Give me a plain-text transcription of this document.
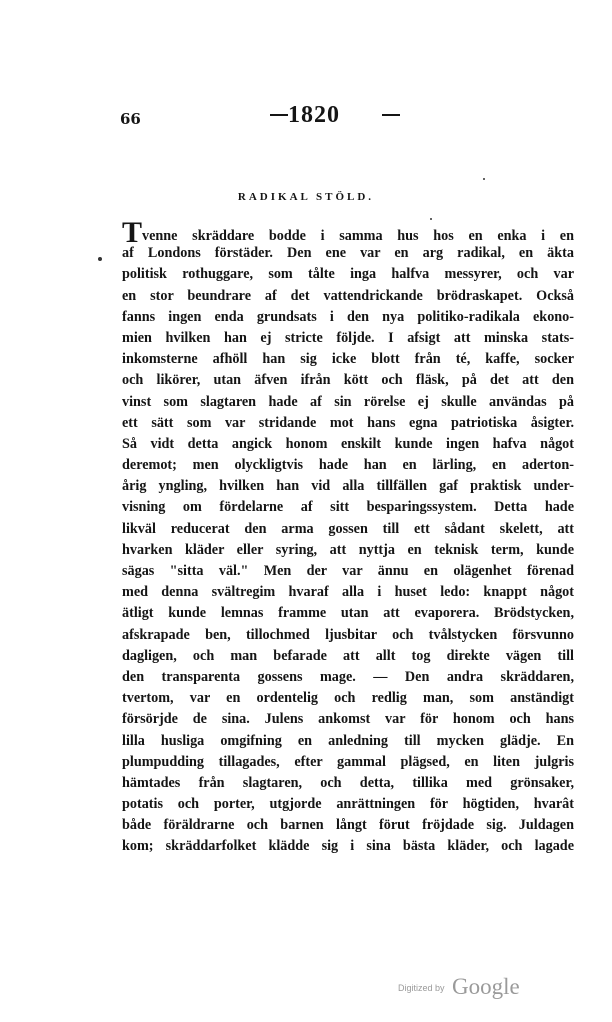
66	1820
RADIKAL STÖLD.
Tvenne skräddare bodde i samma hus hos en enka i en
af Londons förstäder. Den ene var en arg radikal, en äkta
politisk rothuggare, som tålte inga halfva messyrer, och var
en stor beundrare af det vattendrickande brödraskapet. Också
fanns ingen enda grundsats i den nya politiko-radikala ekono-
mien hvilken han ej stricte följde. I afsigt att minska stats-
inkomsterne afhöll han sig icke blott från té, kaffe, socker
och likörer, utan äfven ifrån kött och fläsk, på det att den
vinst som slagtaren hade af sin rörelse ej skulle användas på
ett sätt som var stridande mot hans egna patriotiska åsigter.
Så vidt detta angick honom enskilt kunde ingen hafva något
deremot; men olyckligtvis hade han en lärling, en aderton-
årig yngling, hvilken han vid alla tillfällen gaf praktisk under-
visning om fördelarne af sitt besparingssystem. Detta hade
likväl reducerat den arma gossen till ett sådant skelett, att
hvarken kläder eller syring, att nyttja en teknisk term, kunde
sägas "sitta väl." Men der var ännu en olägenhet förenad
med denna svältregim hvaraf alla i huset ledo: knappt något
ätligt kunde lemnas framme utan att evaporera. Brödstycken,
afskrapade ben, tillochmed ljusbitar och tvålstycken försvunno
dagligen, och man befarade att allt tog direkte vägen till
den transparenta gossens mage. — Den andra skräddaren,
tvertom, var en ordentelig och redlig man, som anständigt
försörjde de sina. Julens ankomst var för honom och hans
lilla husliga omgifning en anledning till mycken glädje. En
plumpudding tillagades, efter gammal plägsed, en liten julgris
hämtades från slagtaren, och detta, tillika med grönsaker,
potatis och porter, utgjorde anrättningen för högtiden, hvarât
både föräldrarne och barnen långt förut fröjdade sig. Juldagen
kom; skräddarfolket klädde sig i sina bästa kläder, och lagade
Digitized by Google
